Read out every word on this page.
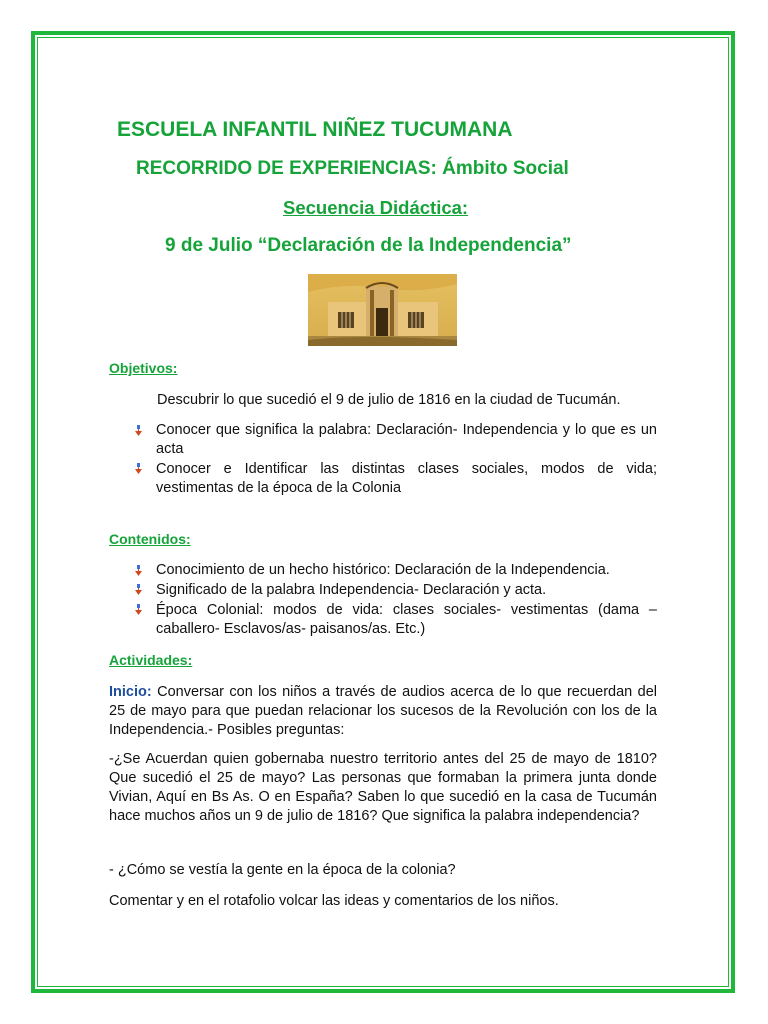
ESCUELA INFANTIL NIÑEZ TUCUMANA
RECORRIDO DE EXPERIENCIAS: Ámbito Social
Secuencia Didáctica:
9 de Julio “Declaración de la Independencia”
Objetivos:
Descubrir lo que sucedió el 9 de julio de 1816 en la ciudad de Tucumán.
Conocer que significa la palabra: Declaración- Independencia y lo que es un acta
Conocer e Identificar las distintas clases sociales, modos de vida; vestimentas de la época de la Colonia
Contenidos:
Conocimiento de un hecho histórico: Declaración de la Independencia.
Significado de la palabra Independencia- Declaración y acta.
Época Colonial: modos de vida: clases sociales- vestimentas (dama – caballero- Esclavos/as- paisanos/as. Etc.)
Actividades:
Inicio: Conversar con los niños a través de audios acerca de lo que recuerdan del 25 de mayo para que puedan relacionar los sucesos de la Revolución con los de la Independencia.- Posibles preguntas:
-¿Se Acuerdan quien gobernaba nuestro territorio antes del 25 de mayo de 1810? Que sucedió el 25 de mayo? Las personas que formaban la primera junta donde Vivian, Aquí en Bs As. O en España? Saben lo que sucedió en la casa de Tucumán hace muchos años un 9 de julio de 1816? Que significa la palabra independencia?
- ¿Cómo se vestía la gente en la época de la colonia?
Comentar y en el rotafolio volcar las ideas y comentarios de los niños.
